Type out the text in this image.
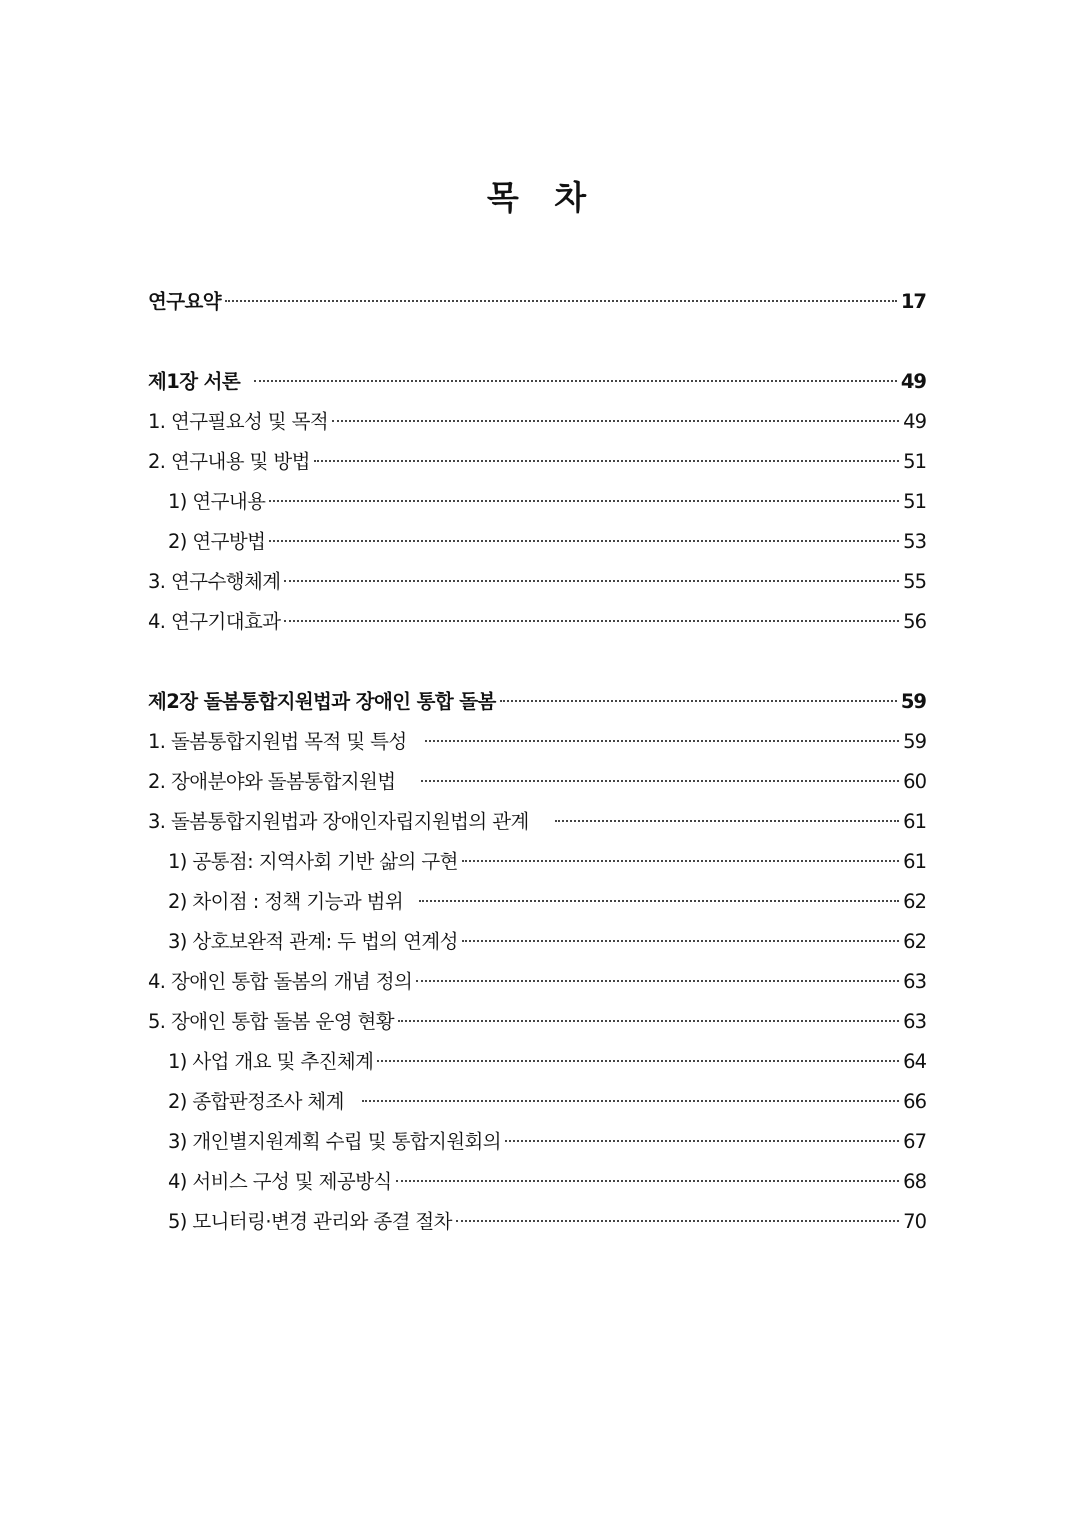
목 차
연구요약	17
제1장 서론	49
1. 연구필요성 및 목적	49
2. 연구내용 및 방법	51
1) 연구내용	51
2) 연구방법	53
3. 연구수행체계	55
4. 연구기대효과	56
제2장 돌봄통합지원법과 장애인 통합 돌봄	59
1. 돌봄통합지원법 목적 및 특성	59
2. 장애분야와 돌봄통합지원법	60
3. 돌봄통합지원법과 장애인자립지원법의 관계	61
1) 공통점: 지역사회 기반 삶의 구현	61
2) 차이점 : 정책 기능과 범위	62
3) 상호보완적 관계: 두 법의 연계성	62
4. 장애인 통합 돌봄의 개념 정의	63
5. 장애인 통합 돌봄 운영 현황	63
1) 사업 개요 및 추진체계	64
2) 종합판정조사 체계	66
3) 개인별지원계획 수립 및 통합지원회의	67
4) 서비스 구성 및 제공방식	68
5) 모니터링·변경 관리와 종결 절차	70
